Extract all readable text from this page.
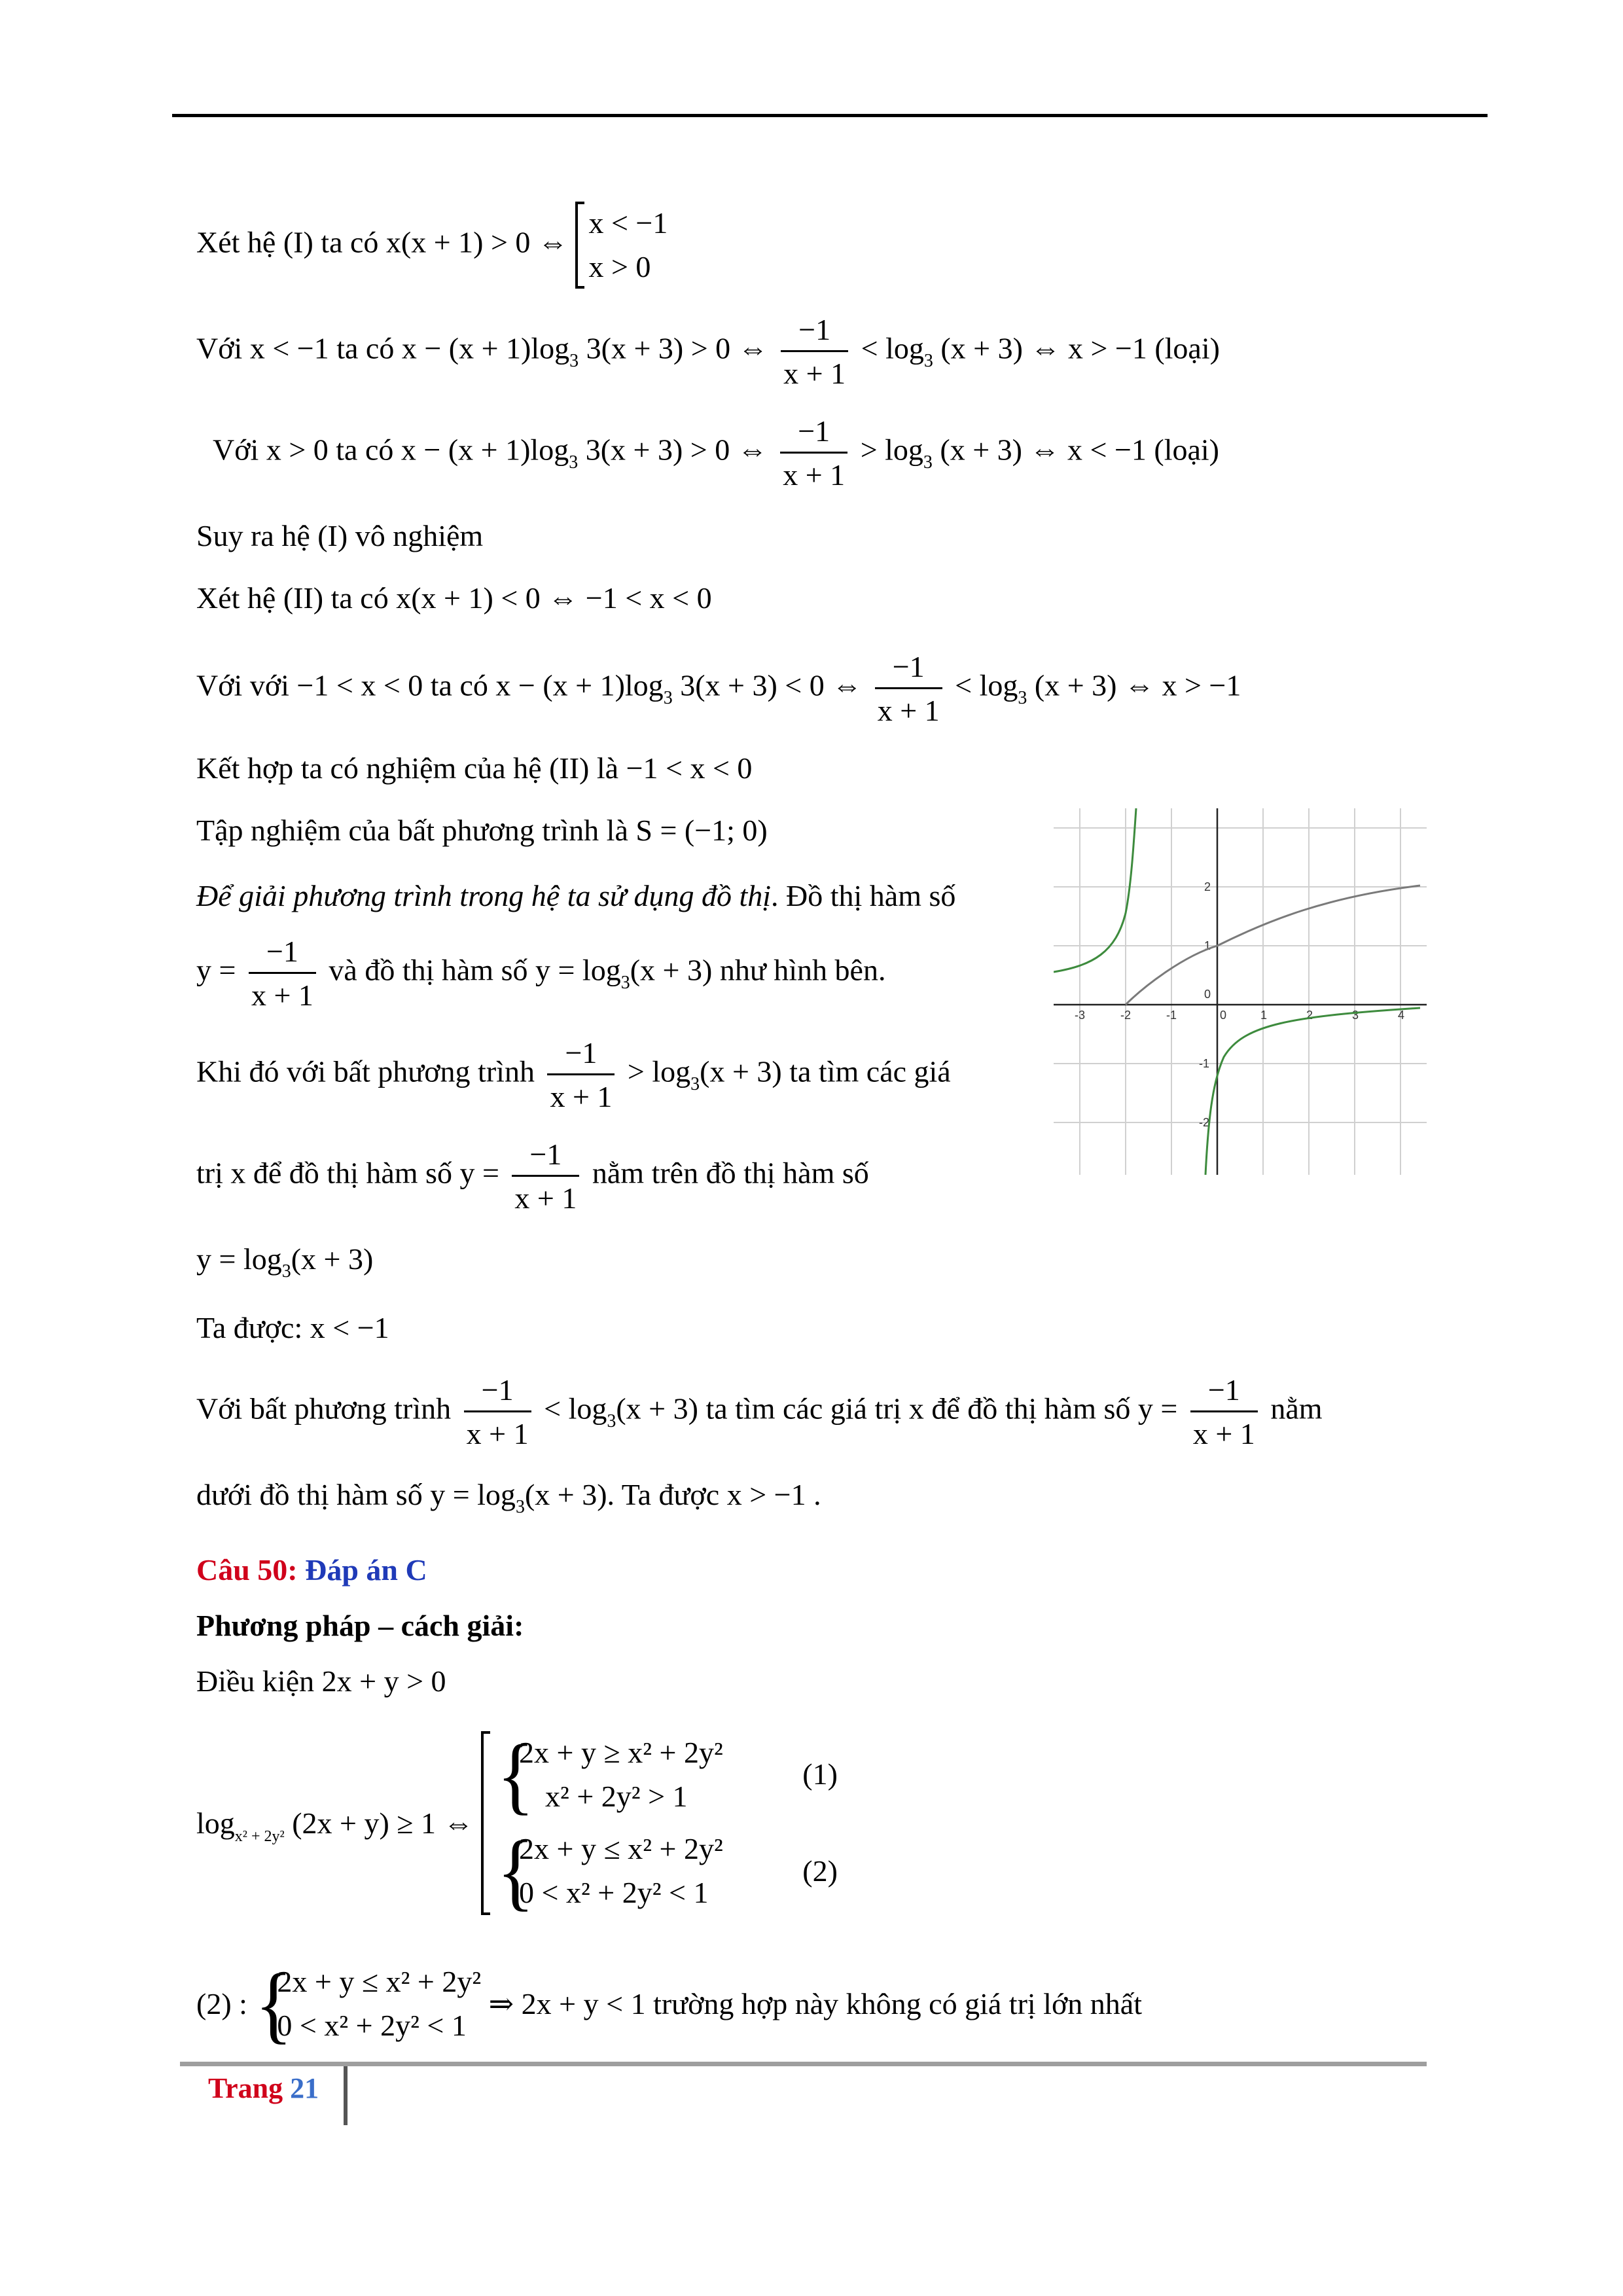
Xét hệ (I) ta có x(x + 1) > 0 ⇔
x < −1
x > 0
Với x < −1 ta có $x - (x + 1)\log_3$ 3(x + 3) > 0 ⇔ $\frac{-1}{x + 1} < \log_3 (x + 3)$ ⇔ x > −1 (loại)
Với x > 0 ta có $x - (x + 1)\log_3$ 3(x + 3) > 0 ⇔ $\frac{-1}{x + 1} > \log_3 (x + 3)$ ⇔ x < −1 (loại)
Suy ra hệ (I) vô nghiệm
Xét hệ (II) ta có x(x + 1) < 0 ⇔ −1 < x < 0
Với với −1 < x < 0 ta có $x - (x + 1)\log_3$ 3(x + 3) < 0 ⇔ $\frac{-1}{x + 1} < \log_3 (x + 3)$ ⇔ x > −1
Kết hợp ta có nghiệm của hệ (II) là −1 < x < 0
Tập nghiệm của bất phương trình là S = (−1; 0)
Để giải phương trình trong hệ ta sử dụng đồ thị. Đồ thị hàm số
$y = \frac{-1}{x + 1}$ và đồ thị hàm số $y = \log_3(x + 3)$ như hình bên.
Khi đó với bất phương trình $\frac{-1}{x + 1} > \log_3(x + 3)$ ta tìm các giá
trị x để đồ thị hàm số $y = \frac{-1}{x + 1}$ nằm trên đồ thị hàm số
$y = \log_3(x + 3)$
Ta được: x < −1
Với bất phương trình $\frac{-1}{x + 1} < \log_3(x + 3)$ ta tìm các giá trị x để đồ thị hàm số $y = \frac{-1}{x + 1}$ nằm
dưới đồ thị hàm số $y = \log_3(x + 3)$. Ta được x > −1 .
Câu 50: Đáp án C
Phương pháp – cách giải:
Điều kiện 2x + y > 0
$\log_{x^2 + 2y^2} (2x + y) \ge 1$ ⇔
{
2x + y ≥ x² + 2y²
x² + 2y² > 1
(1)
{
2x + y ≤ x² + 2y²
0 < x² + 2y² < 1
(2)
(2) : {
2x + y ≤ x² + 2y²
0 < x² + 2y² < 1
⇒ 2x + y < 1 trường hợp này không có giá trị lớn nhất
-3	-2	-1	0	1	2	3	4
2
1
0
-1
-2
Trang 21
